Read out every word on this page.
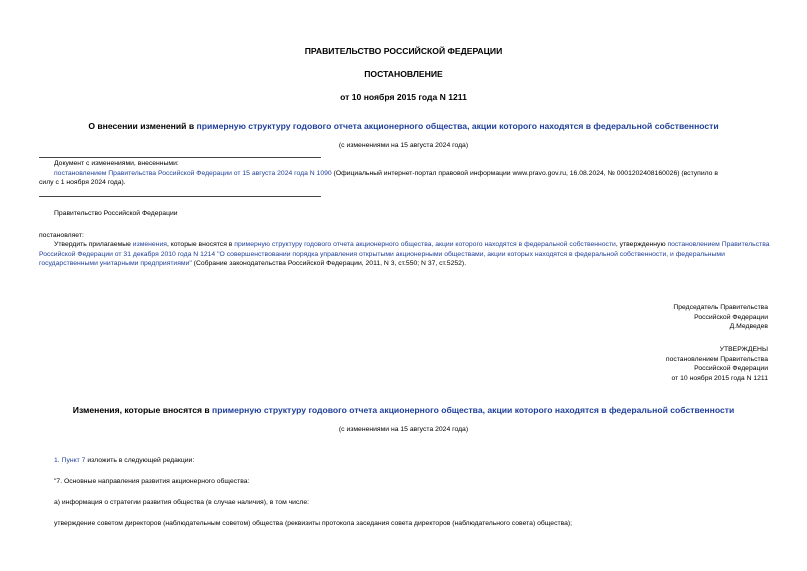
ПРАВИТЕЛЬСТВО РОССИЙСКОЙ ФЕДЕРАЦИИ
ПОСТАНОВЛЕНИЕ
от 10 ноября 2015 года N 1211
О внесении изменений в примерную структуру годового отчета акционерного общества, акции которого находятся в федеральной собственности
(с изменениями на 15 августа 2024 года)
Документ с изменениями, внесенными:
постановлением Правительства Российской Федерации от 15 августа 2024 года N 1090 (Официальный интернет-портал правовой информации www.pravo.gov.ru, 16.08.2024, № 0001202408160026) (вступило в
силу с 1 ноября 2024 года).
Правительство Российской Федерации
постановляет:
Утвердить прилагаемые изменения, которые вносятся в примерную структуру годового отчета акционерного общества, акции которого находятся в федеральной собственности, утвержденную постановлением Правительства Российской Федерации от 31 декабря 2010 года N 1214 "О совершенствовании порядка управления открытыми акционерными обществами, акции которых находятся в федеральной собственности, и федеральными государственными унитарными предприятиями" (Собрание законодательства Российской Федерации, 2011, N 3, ст.550; N 37, ст.5252).
Председатель Правительства
Российской Федерации
Д.Медведев
УТВЕРЖДЕНЫ
постановлением Правительства
Российской Федерации
от 10 ноября 2015 года N 1211
Изменения, которые вносятся в примерную структуру годового отчета акционерного общества, акции которого находятся в федеральной собственности
(с изменениями на 15 августа 2024 года)
1. Пункт 7 изложить в следующей редакции:
"7. Основные направления развития акционерного общества:
а) информация о стратегии развития общества (в случае наличия), в том числе:
утверждение советом директоров (наблюдательным советом) общества (реквизиты протокола заседания совета директоров (наблюдательного совета) общества);
